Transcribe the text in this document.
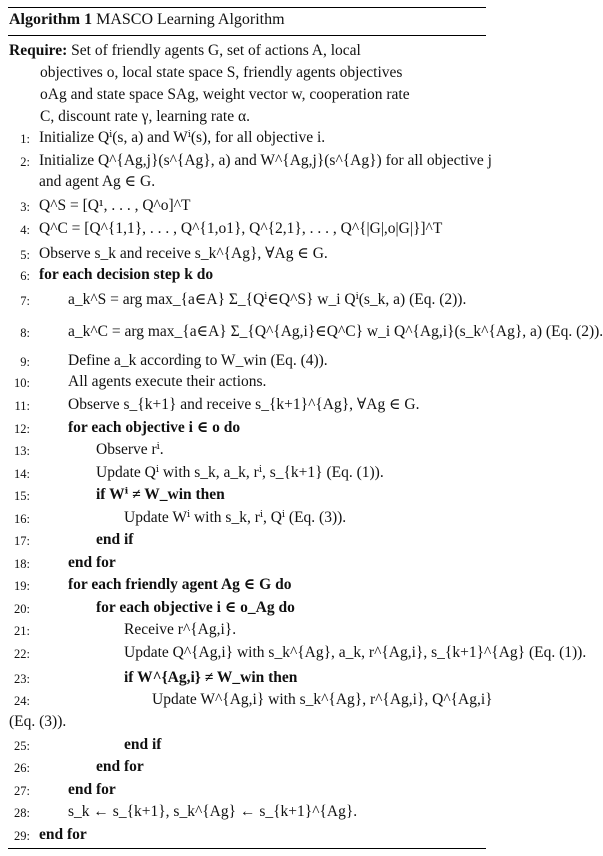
Algorithm 1 MASCO Learning Algorithm
Require: Set of friendly agents G, set of actions A, local
objectives o, local state space S, friendly agents objectives
oAg and state space SAg, weight vector w, cooperation rate
C, discount rate γ, learning rate α.
1: Initialize Qⁱ(s, a) and Wⁱ(s), for all objective i.
2: Initialize Q^{Ag,j}(s^{Ag}, a) and W^{Ag,j}(s^{Ag}) for all objective j
and agent Ag ∈ G.
3: Q^S = [Q¹, . . . , Q^o]^T
4: Q^C = [Q^{1,1}, . . . , Q^{1,o1}, Q^{2,1}, . . . , Q^{|G|,o|G|}]^T
5: Observe s_k and receive s_k^{Ag}, ∀Ag ∈ G.
6: for each decision step k do
7: a_k^S = arg max_{a∈A} Σ_{Qⁱ∈Q^S} w_i Qⁱ(s_k, a) (Eq. (2)).
8: a_k^C = arg max_{a∈A} Σ_{Q^{Ag,i}∈Q^C} w_i Q^{Ag,i}(s_k^{Ag}, a) (Eq. (2)).
9: Define a_k according to W_win (Eq. (4)).
10: All agents execute their actions.
11: Observe s_{k+1} and receive s_{k+1}^{Ag}, ∀Ag ∈ G.
12: for each objective i ∈ o do
13:	Observe rⁱ.
14:	Update Qⁱ with s_k, a_k, rⁱ, s_{k+1} (Eq. (1)).
15:	if Wⁱ ≠ W_win then
16:	Update Wⁱ with s_k, rⁱ, Qⁱ (Eq. (3)).
17:	end if
18: end for
19: for each friendly agent Ag ∈ G do
20:	for each objective i ∈ o_Ag do
21:	Receive r^{Ag,i}.
22:	Update Q^{Ag,i} with s_k^{Ag}, a_k, r^{Ag,i}, s_{k+1}^{Ag} (Eq. (1)).
23:	if W^{Ag,i} ≠ W_win then
24:	Update W^{Ag,i} with s_k^{Ag}, r^{Ag,i}, Q^{Ag,i}
(Eq. (3)).
25:	end if
26:	end for
27: end for
28: s_k ← s_{k+1}, s_k^{Ag} ← s_{k+1}^{Ag}.
29: end for
